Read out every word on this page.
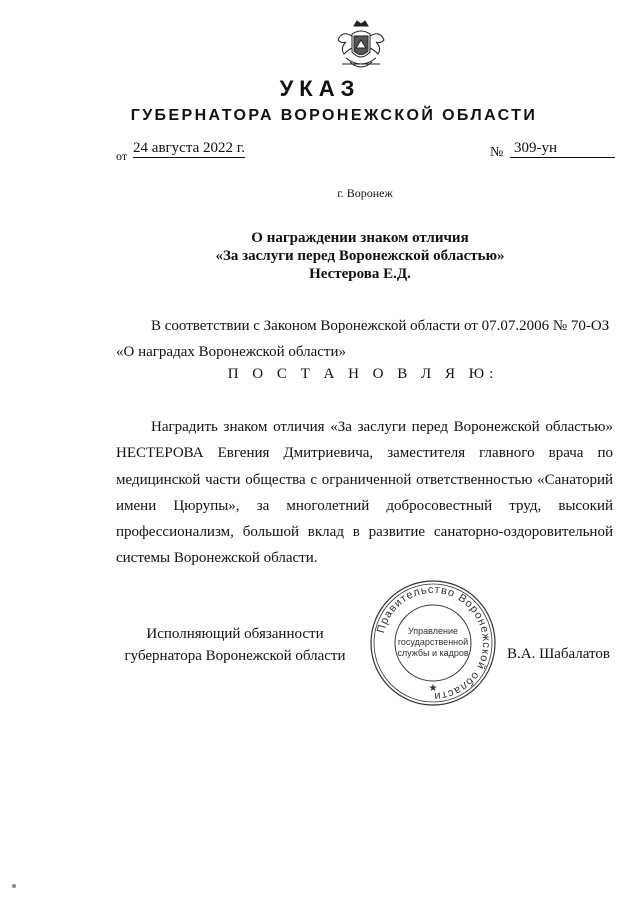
УКАЗ
ГУБЕРНАТОРА ВОРОНЕЖСКОЙ ОБЛАСТИ
от 24 августа 2022 г.	№ 309-ун
г. Воронеж
О награждении знаком отличия
«За заслуги перед Воронежской областью»
Нестерова Е.Д.
В соответствии с Законом Воронежской области от 07.07.2006 № 70-ОЗ
«О наградах Воронежской области»
П О С Т А Н О В Л Я Ю:
Наградить знаком отличия «За заслуги перед Воронежской областью»
НЕСТЕРОВА Евгения Дмитриевича, заместителя главного врача по
медицинской части общества с ограниченной ответственностью «Санаторий
имени Цюрупы», за многолетний добросовестный труд, высокий
профессионализм, большой вклад в развитие санаторно-оздоровительной
системы Воронежской области.
Исполняющий обязанности
губернатора Воронежской области
Правительство Воронежской области
★
Управление
государственной
службы и кадров	В.А. Шабалатов
